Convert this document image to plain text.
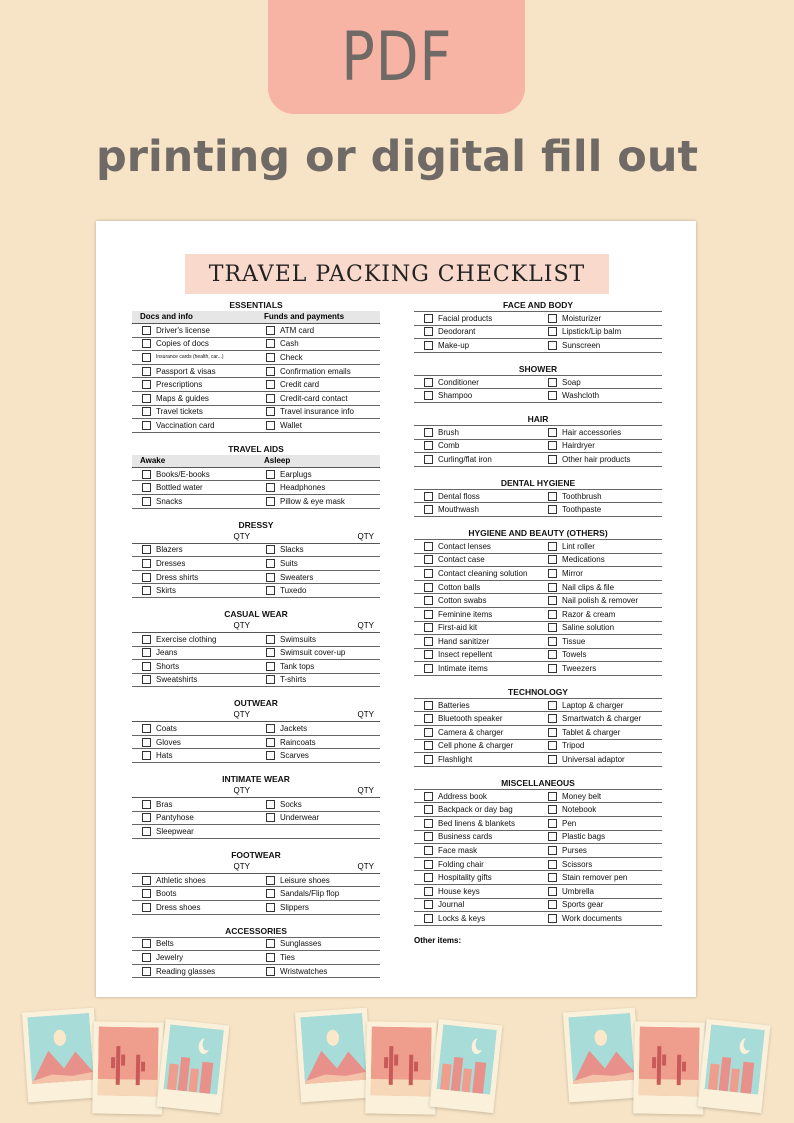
PDF
printing or digital fill out
TRAVEL PACKING CHECKLIST
ESSENTIALS
Docs and info	Funds and payments
Driver's license	ATM card
Copies of docs	Cash
Insurance cards (health, car...)	Check
Passport & visas	Confirmation emails
Prescriptions	Credit card
Maps & guides	Credit-card contact
Travel tickets	Travel insurance info
Vaccination card	Wallet
TRAVEL AIDS
Awake	Asleep
Books/E-books	Earplugs
Bottled water	Headphones
Snacks	Pillow & eye mask
DRESSY
QTY	QTY
Blazers	Slacks
Dresses	Suits
Dress shirts	Sweaters
Skirts	Tuxedo
CASUAL WEAR
QTY	QTY
Exercise clothing	Swimsuits
Jeans	Swimsuit cover-up
Shorts	Tank tops
Sweatshirts	T-shirts
OUTWEAR
QTY	QTY
Coats	Jackets
Gloves	Raincoats
Hats	Scarves
INTIMATE WEAR
QTY	QTY
Bras	Socks
Pantyhose	Underwear
Sleepwear
FOOTWEAR
QTY	QTY
Athletic shoes	Leisure shoes
Boots	Sandals/Flip flop
Dress shoes	Slippers
ACCESSORIES
Belts	Sunglasses
Jewelry	Ties
Reading glasses	Wristwatches
FACE AND BODY
Facial products	Moisturizer
Deodorant	Lipstick/Lip balm
Make-up	Sunscreen
SHOWER
Conditioner	Soap
Shampoo	Washcloth
HAIR
Brush	Hair accessories
Comb	Hairdryer
Curling/flat iron	Other hair products
DENTAL HYGIENE
Dental floss	Toothbrush
Mouthwash	Toothpaste
HYGIENE AND BEAUTY (OTHERS)
Contact lenses	Lint roller
Contact case	Medications
Contact cleaning solution	Mirror
Cotton balls	Nail clips & file
Cotton swabs	Nail polish & remover
Feminine items	Razor & cream
First-aid kit	Saline solution
Hand sanitizer	Tissue
Insect repellent	Towels
Intimate items	Tweezers
TECHNOLOGY
Batteries	Laptop & charger
Bluetooth speaker	Smartwatch & charger
Camera & charger	Tablet & charger
Cell phone & charger	Tripod
Flashlight	Universal adaptor
MISCELLANEOUS
Address book	Money belt
Backpack or day bag	Notebook
Bed linens & blankets	Pen
Business cards	Plastic bags
Face mask	Purses
Folding chair	Scissors
Hospitality gifts	Stain remover pen
House keys	Umbrella
Journal	Sports gear
Locks & keys	Work documents
Other items:
